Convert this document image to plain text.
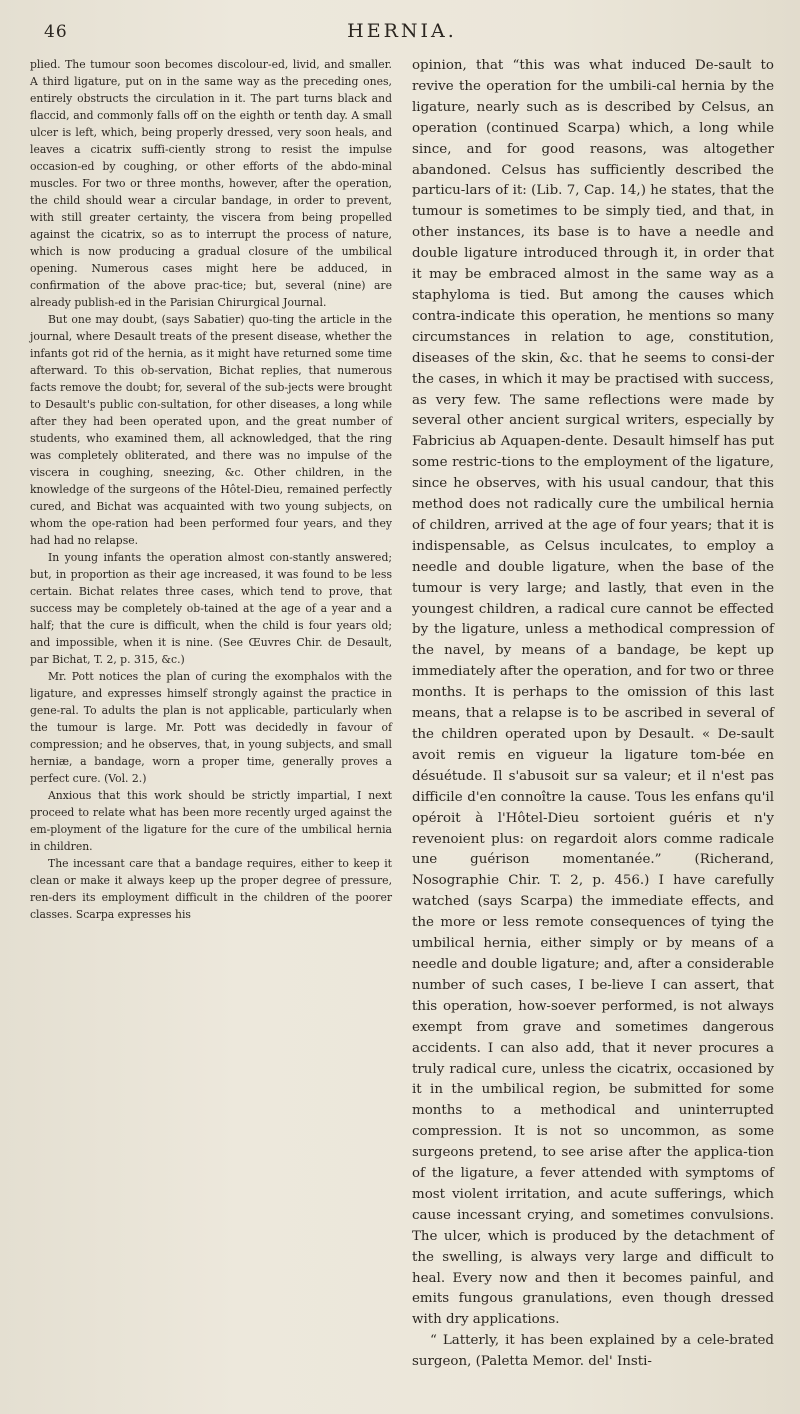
46	HERNIA.

plied. The tumour soon becomes discolour-ed, livid, and smaller. A third ligature, put on in the same way as the preceding ones, entirely obstructs the circulation in it. The part turns black and flaccid, and commonly falls off on the eighth or tenth day. A small ulcer is left, which, being properly dressed, very soon heals, and leaves a cicatrix suffi-ciently strong to resist the impulse occasion-ed by coughing, or other efforts of the abdo-minal muscles. For two or three months, however, after the operation, the child should wear a circular bandage, in order to prevent, with still greater certainty, the viscera from being propelled against the cicatrix, so as to interrupt the process of nature, which is now producing a gradual closure of the umbilical opening. Numerous cases might here be adduced, in confirmation of the above prac-tice; but, several (nine) are already publish-ed in the Parisian Chirurgical Journal.

But one may doubt, (says Sabatier) quo-ting the article in the journal, where Desault treats of the present disease, whether the infants got rid of the hernia, as it might have returned some time afterward. To this ob-servation, Bichat replies, that numerous facts remove the doubt; for, several of the sub-jects were brought to Desault's public con-sultation, for other diseases, a long while after they had been operated upon, and the great number of students, who examined them, all acknowledged, that the ring was completely obliterated, and there was no impulse of the viscera in coughing, sneezing, &c. Other children, in the knowledge of the surgeons of the Hôtel-Dieu, remained perfectly cured, and Bichat was acquainted with two young subjects, on whom the ope-ration had been performed four years, and they had had no relapse.

In young infants the operation almost con-stantly answered; but, in proportion as their age increased, it was found to be less certain. Bichat relates three cases, which tend to prove, that success may be completely ob-tained at the age of a year and a half; that the cure is difficult, when the child is four years old; and impossible, when it is nine. (See Œuvres Chir. de Desault, par Bichat, T. 2, p. 315, &c.)

Mr. Pott notices the plan of curing the exomphalos with the ligature, and expresses himself strongly against the practice in gene-ral. To adults the plan is not applicable, particularly when the tumour is large. Mr. Pott was decidedly in favour of compression; and he observes, that, in young subjects, and small herniæ, a bandage, worn a proper time, generally proves a perfect cure. (Vol. 2.)

Anxious that this work should be strictly impartial, I next proceed to relate what has been more recently urged against the em-ployment of the ligature for the cure of the umbilical hernia in children.

The incessant care that a bandage requires, either to keep it clean or make it always keep up the proper degree of pressure, ren-ders its employment difficult in the children of the poorer classes. Scarpa expresses his

opinion, that “this was what induced De-sault to revive the operation for the umbili-cal hernia by the ligature, nearly such as is described by Celsus, an operation (continued Scarpa) which, a long while since, and for good reasons, was altogether abandoned. Celsus has sufficiently described the particu-lars of it: (Lib. 7, Cap. 14,) he states, that the tumour is sometimes to be simply tied, and that, in other instances, its base is to have a needle and double ligature introduced through it, in order that it may be embraced almost in the same way as a staphyloma is tied. But among the causes which contra-indicate this operation, he mentions so many circumstances in relation to age, constitution, diseases of the skin, &c. that he seems to consi-der the cases, in which it may be practised with success, as very few. The same reflections were made by several other ancient surgical writers, especially by Fabricius ab Aquapen-dente. Desault himself has put some restric-tions to the employment of the ligature, since he observes, with his usual candour, that this method does not radically cure the umbilical hernia of children, arrived at the age of four years; that it is indispensable, as Celsus inculcates, to employ a needle and double ligature, when the base of the tumour is very large; and lastly, that even in the youngest children, a radical cure cannot be effected by the ligature, unless a methodical compression of the navel, by means of a bandage, be kept up immediately after the operation, and for two or three months. It is perhaps to the omission of this last means, that a relapse is to be ascribed in several of the children operated upon by Desault. « De-sault avoit remis en vigueur la ligature tom-bée en désuétude. Il s'abusoit sur sa valeur; et il n'est pas difficile d'en connoître la cause. Tous les enfans qu'il opéroit à l'Hôtel-Dieu sortoient guéris et n'y revenoient plus: on regardoit alors comme radicale une guérison momentanée.” (Richerand, Nosographie Chir. T. 2, p. 456.) I have carefully watched (says Scarpa) the immediate effects, and the more or less remote consequences of tying the umbilical hernia, either simply or by means of a needle and double ligature; and, after a considerable number of such cases, I be-lieve I can assert, that this operation, how-soever performed, is not always exempt from grave and sometimes dangerous accidents. I can also add, that it never procures a truly radical cure, unless the cicatrix, occasioned by it in the umbilical region, be submitted for some months to a methodical and uninterrupted compression. It is not so uncommon, as some surgeons pretend, to see arise after the applica-tion of the ligature, a fever attended with symptoms of most violent irritation, and acute sufferings, which cause incessant crying, and sometimes convulsions. The ulcer, which is produced by the detachment of the swelling, is always very large and difficult to heal. Every now and then it becomes painful, and emits fungous granulations, even though dressed with dry applications.

“ Latterly, it has been explained by a cele-brated surgeon, (Paletta Memor. del' Insti-
